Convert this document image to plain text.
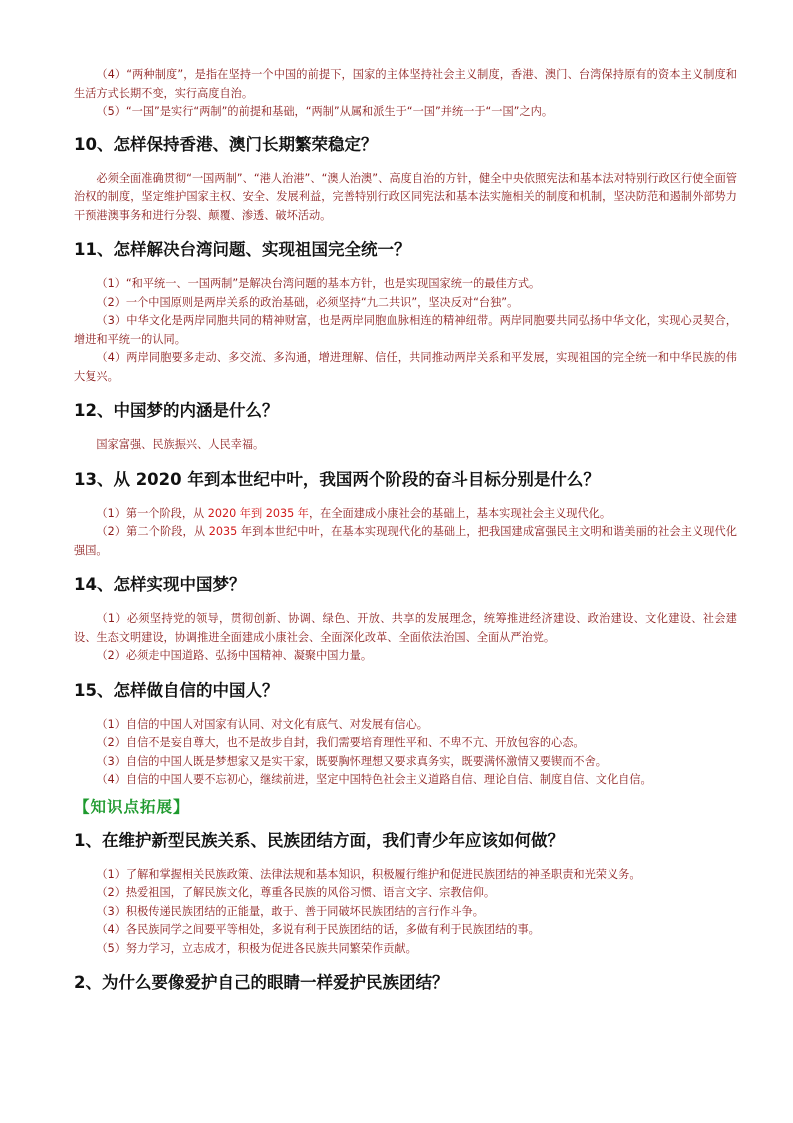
（4）“两种制度”，是指在坚持一个中国的前提下，国家的主体坚持社会主义制度，香港、澳门、台湾保持原有的资本主义制度和生活方式长期不变，实行高度自治。

（5）“一国”是实行“两制”的前提和基础，“两制”从属和派生于“一国”并统一于“一国”之内。

10、怎样保持香港、澳门长期繁荣稳定？

必须全面准确贯彻“一国两制”、“港人治港”、“澳人治澳”、高度自治的方针，健全中央依照宪法和基本法对特别行政区行使全面管治权的制度，坚定维护国家主权、安全、发展利益，完善特别行政区同宪法和基本法实施相关的制度和机制，坚决防范和遏制外部势力干预港澳事务和进行分裂、颠覆、渗透、破坏活动。

11、怎样解决台湾问题、实现祖国完全统一？

（1）“和平统一、一国两制”是解决台湾问题的基本方针，也是实现国家统一的最佳方式。

（2）一个中国原则是两岸关系的政治基础，必须坚持“九二共识”，坚决反对“台独”。

（3）中华文化是两岸同胞共同的精神财富，也是两岸同胞血脉相连的精神纽带。两岸同胞要共同弘扬中华文化，实现心灵契合，增进和平统一的认同。

（4）两岸同胞要多走动、多交流、多沟通，增进理解、信任，共同推动两岸关系和平发展，实现祖国的完全统一和中华民族的伟大复兴。

12、中国梦的内涵是什么？

国家富强、民族振兴、人民幸福。

13、从 2020 年到本世纪中叶，我国两个阶段的奋斗目标分别是什么？

（1）第一个阶段，从 2020 年到 2035 年，在全面建成小康社会的基础上，基本实现社会主义现代化。

（2）第二个阶段，从 2035 年到本世纪中叶，在基本实现现代化的基础上，把我国建成富强民主文明和谐美丽的社会主义现代化强国。

14、怎样实现中国梦？

（1）必须坚持党的领导，贯彻创新、协调、绿色、开放、共享的发展理念，统筹推进经济建设、政治建设、文化建设、社会建设、生态文明建设，协调推进全面建成小康社会、全面深化改革、全面依法治国、全面从严治党。

（2）必须走中国道路、弘扬中国精神、凝聚中国力量。

15、怎样做自信的中国人？

（1）自信的中国人对国家有认同、对文化有底气、对发展有信心。

（2）自信不是妄自尊大，也不是故步自封，我们需要培育理性平和、不卑不亢、开放包容的心态。

（3）自信的中国人既是梦想家又是实干家，既要胸怀理想又要求真务实，既要满怀激情又要锲而不舍。

（4）自信的中国人要不忘初心，继续前进，坚定中国特色社会主义道路自信、理论自信、制度自信、文化自信。

【知识点拓展】
1、在维护新型民族关系、民族团结方面，我们青少年应该如何做？

（1）了解和掌握相关民族政策、法律法规和基本知识，积极履行维护和促进民族团结的神圣职责和光荣义务。

（2）热爱祖国，了解民族文化，尊重各民族的风俗习惯、语言文字、宗教信仰。

（3）积极传递民族团结的正能量，敢于、善于同破坏民族团结的言行作斗争。

（4）各民族同学之间要平等相处，多说有利于民族团结的话，多做有利于民族团结的事。

（5）努力学习，立志成才，积极为促进各民族共同繁荣作贡献。

2、为什么要像爱护自己的眼睛一样爱护民族团结？
